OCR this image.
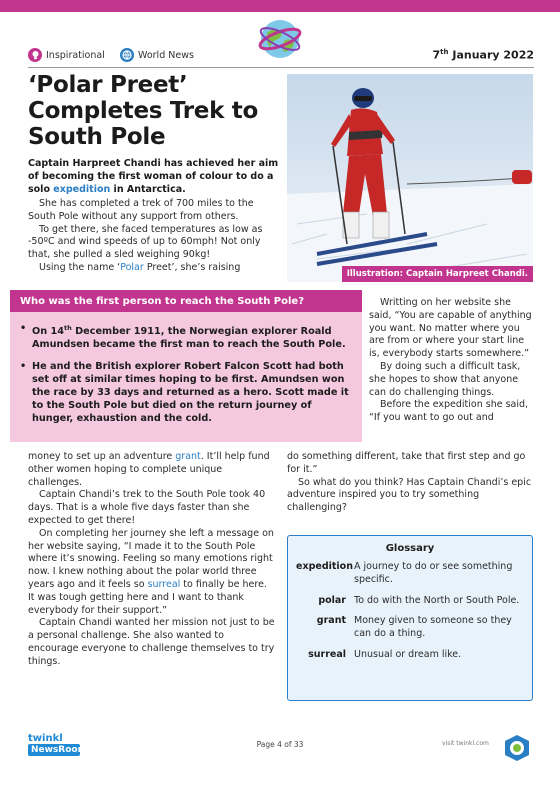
Inspirational	World News	7th January 2022
‘Polar Preet’
Completes Trek to
South Pole
Illustration: Captain Harpreet Chandi.

Captain Harpreet Chandi has achieved her aim of becoming the first woman of colour to do a solo expedition in Antarctica.

She has completed a trek of 700 miles to the South Pole without any support from others.

To get there, she faced temperatures as low as -50ºC and wind speeds of up to 60mph! Not only that, she pulled a sled weighing 90kg!

Using the name ‘Polar Preet’, she’s raising

Who was the first person to reach the South Pole?
• On 14th December 1911, the Norwegian explorer Roald Amundsen became the first man to reach the South Pole.
• He and the British explorer Robert Falcon Scott had both set off at similar times hoping to be first. Amundsen won the race by 33 days and returned as a hero. Scott made it to the South Pole but died on the return journey of hunger, exhaustion and the cold.

Writting on her website she said, “You are capable of anything you want. No matter where you are from or where your start line is, everybody starts somewhere.”

By doing such a difficult task, she hopes to show that anyone can do challenging things.

Before the expedition she said, “If you want to go out and

money to set up an adventure grant. It’ll help fund other women hoping to complete unique challenges.

Captain Chandi’s trek to the South Pole took 40 days. That is a whole five days faster than she expected to get there!

On completing her journey she left a message on her website saying, “I made it to the South Pole where it’s snowing. Feeling so many emotions right now. I knew nothing about the polar world three years ago and it feels so surreal to finally be here. It was tough getting here and I want to thank everybody for their support.”

Captain Chandi wanted her mission not just to be a personal challenge. She also wanted to encourage everyone to challenge themselves to try things.

do something different, take that first step and go for it.”

So what do you think? Has Captain Chandi’s epic adventure inspired you to try something challenging?

Glossary
expedition A journey to do or see something specific.
polar To do with the North or South Pole.
grant Money given to someone so they can do a thing.
surreal Unusual or dream like.
twinkl
NewsRoom
Page 4 of 33	visit twinkl.com
